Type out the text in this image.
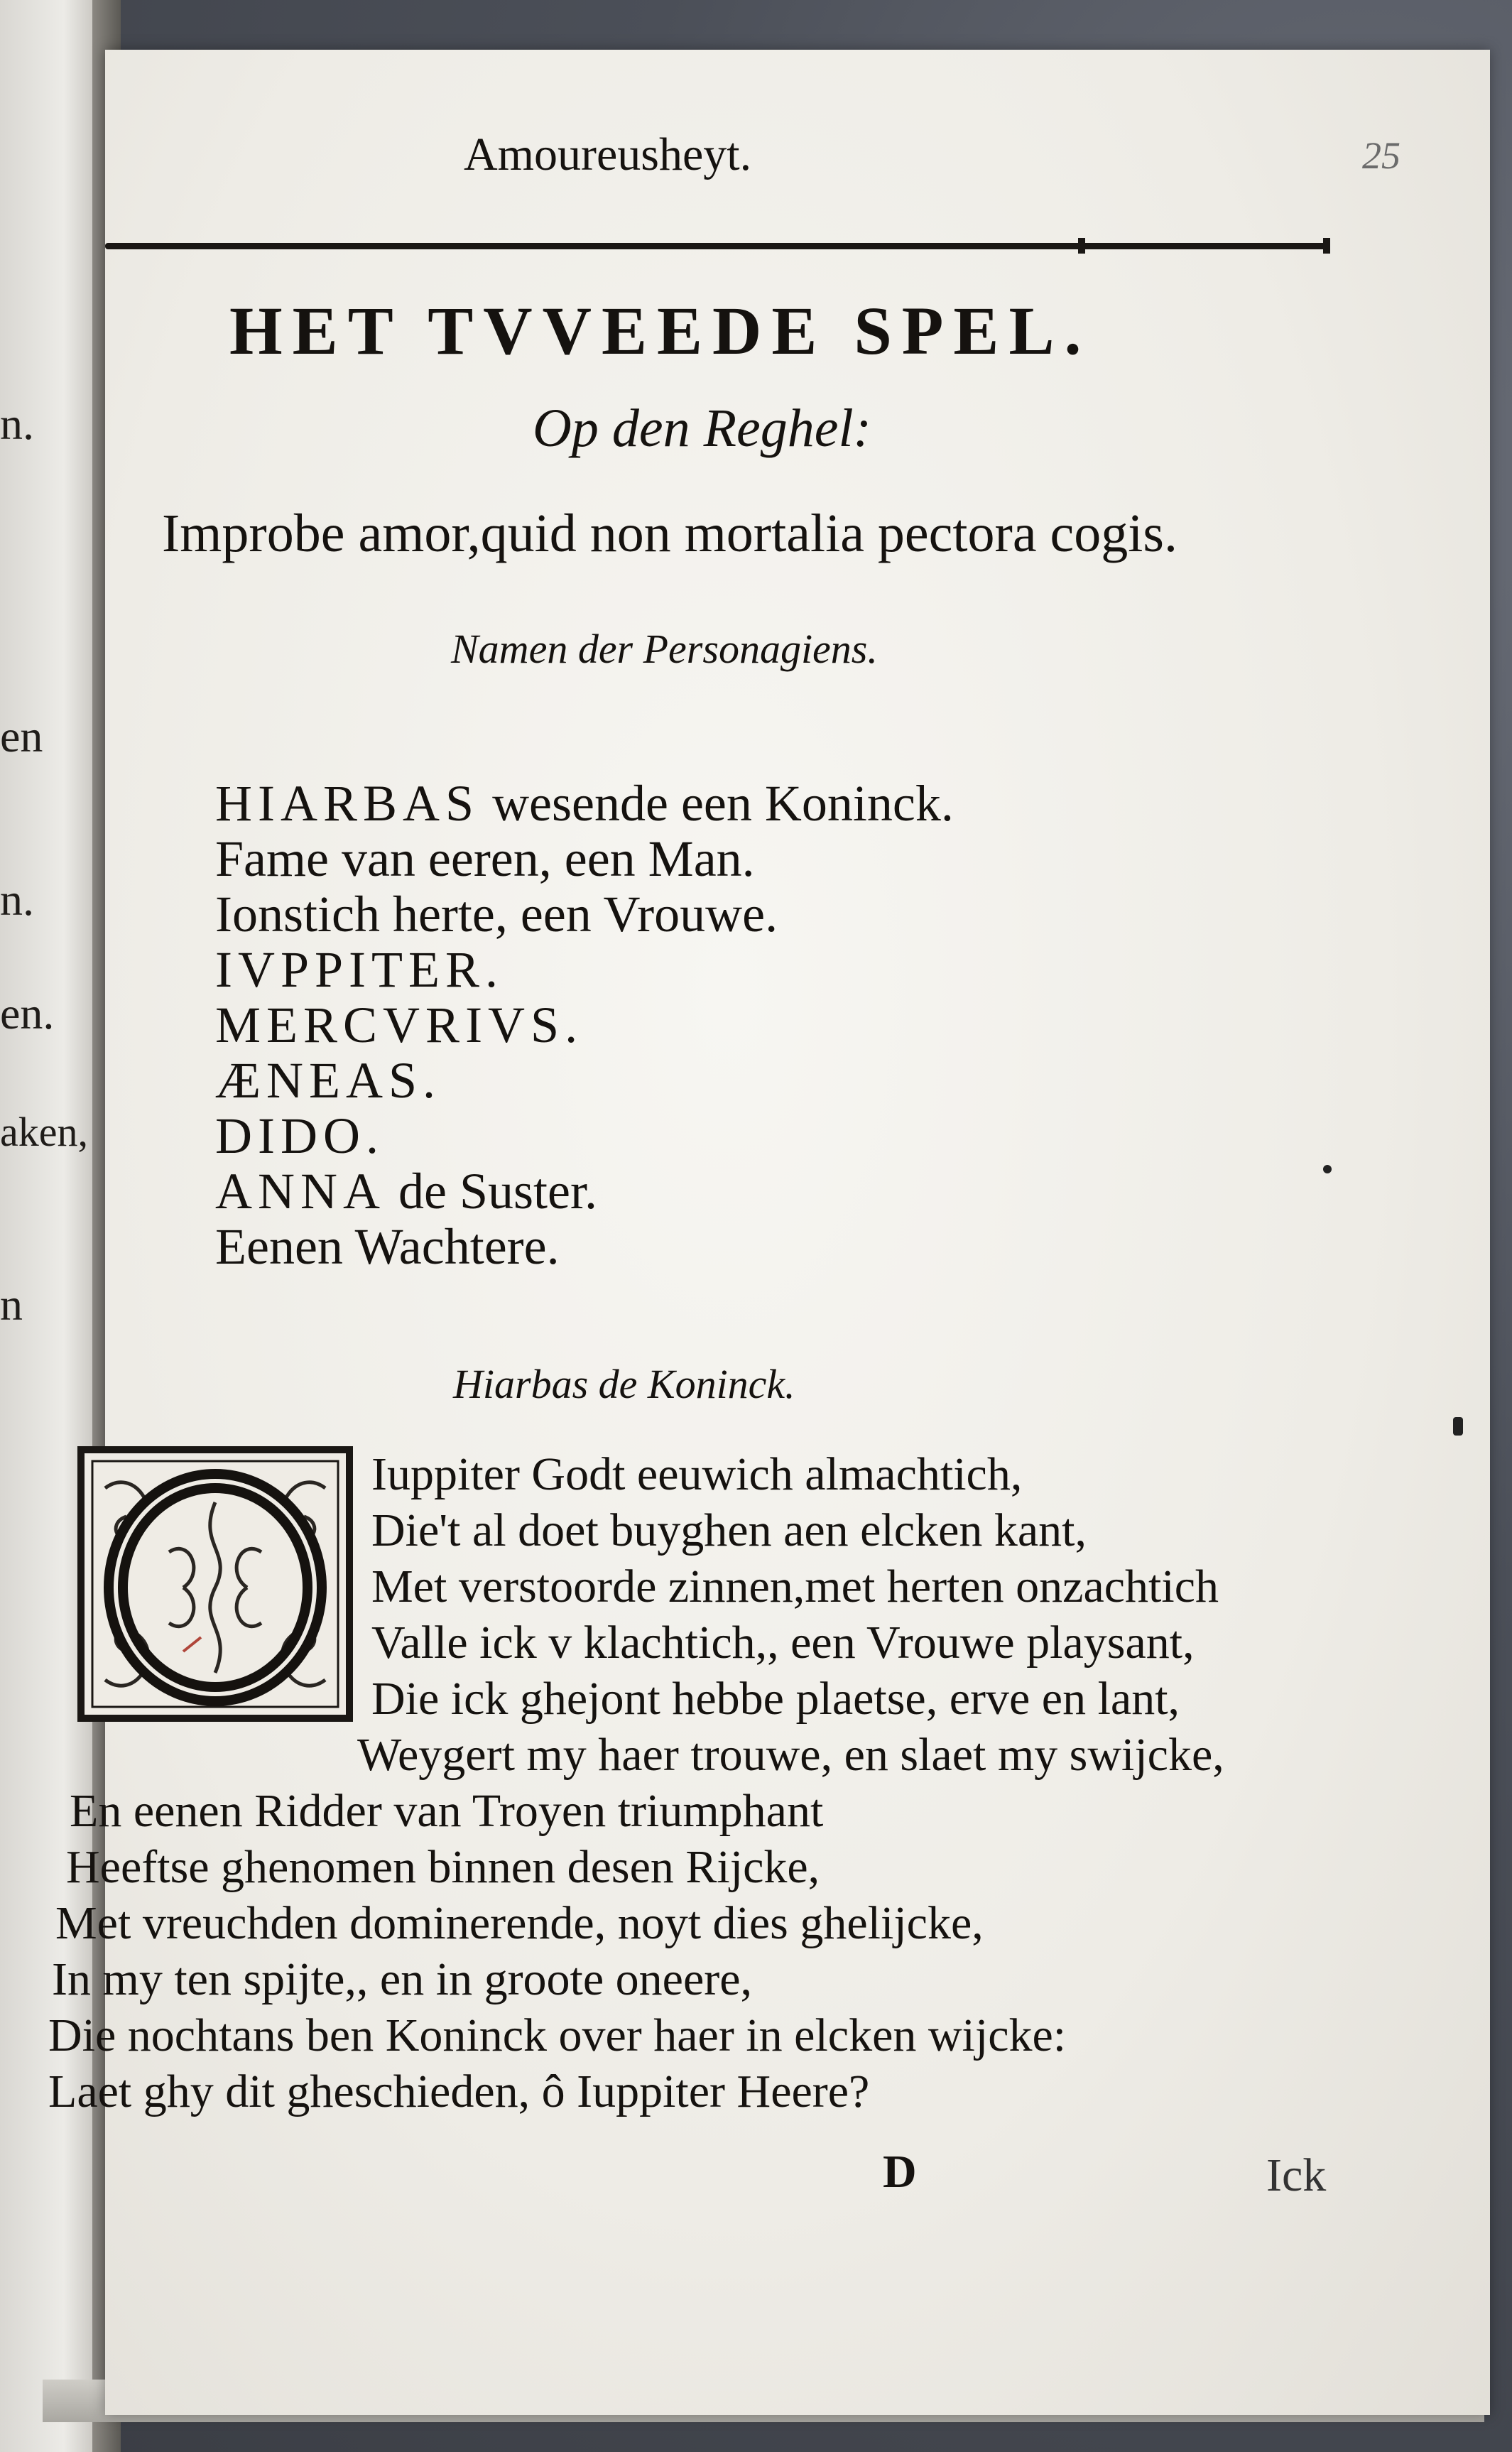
n.
en
n.
en.
aken,
n
Amoureusheyt.	25
HET TVVEEDE SPEL.
Op den Reghel:
Improbe amor,quid non mortalia pectora cogis.
Namen der Personagiens.
HIARBAS wesende een Koninck.
Fame van eeren, een Man.
Ionstich herte, een Vrouwe.
IVPPITER.
MERCVRIVS.
ÆNEAS.
DIDO.
ANNA de Suster.
Eenen Wachtere.
Hiarbas de Koninck.
Iuppiter Godt eeuwich almachtich,
Die't al doet buyghen aen elcken kant,
Met verstoorde zinnen,met herten onzachtich
Valle ick v klachtich,, een Vrouwe playsant,
Die ick ghejont hebbe plaetse, erve en lant,
Weygert my haer trouwe, en slaet my swijcke,
En eenen Ridder van Troyen triumphant
Heeftse ghenomen binnen desen Rijcke,
Met vreuchden dominerende, noyt dies ghelijcke,
In my ten spijte,, en in groote oneere,
Die nochtans ben Koninck over haer in elcken wijcke:
Laet ghy dit gheschieden, ô Iuppiter Heere?
D	Ick
